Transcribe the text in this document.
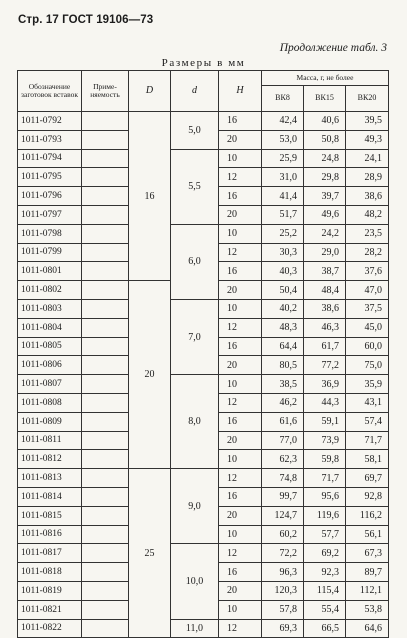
Стр. 17 ГОСТ 19106—73
Продолжение табл. 3
Размеры в мм
Обозначение заготовок вставок	Приме-няемость	D	d	H	Масса, г, не более		
					ВК8	ВК15	ВК20
1011-0792		16	5,0	16	42,4	40,6	39,5
1011-0793				20	53,0	50,8	49,3
1011-0794			5,5	10	25,9	24,8	24,1
1011-0795				12	31,0	29,8	28,9
1011-0796				16	41,4	39,7	38,6
1011-0797				20	51,7	49,6	48,2
1011-0798			6,0	10	25,2	24,2	23,5
1011-0799				12	30,3	29,0	28,2
1011-0801				16	40,3	38,7	37,6
1011-0802		20		20	50,4	48,4	47,0
1011-0803			7,0	10	40,2	38,6	37,5
1011-0804				12	48,3	46,3	45,0
1011-0805				16	64,4	61,7	60,0
1011-0806				20	80,5	77,2	75,0
1011-0807			8,0	10	38,5	36,9	35,9
1011-0808				12	46,2	44,3	43,1
1011-0809				16	61,6	59,1	57,4
1011-0811				20	77,0	73,9	71,7
1011-0812				10	62,3	59,8	58,1
1011-0813		25	9,0	12	74,8	71,7	69,7
1011-0814				16	99,7	95,6	92,8
1011-0815				20	124,7	119,6	116,2
1011-0816				10	60,2	57,7	56,1
1011-0817			10,0	12	72,2	69,2	67,3
1011-0818				16	96,3	92,3	89,7
1011-0819				20	120,3	115,4	112,1
1011-0821				10	57,8	55,4	53,8
1011-0822			11,0	12	69,3	66,5	64,6
